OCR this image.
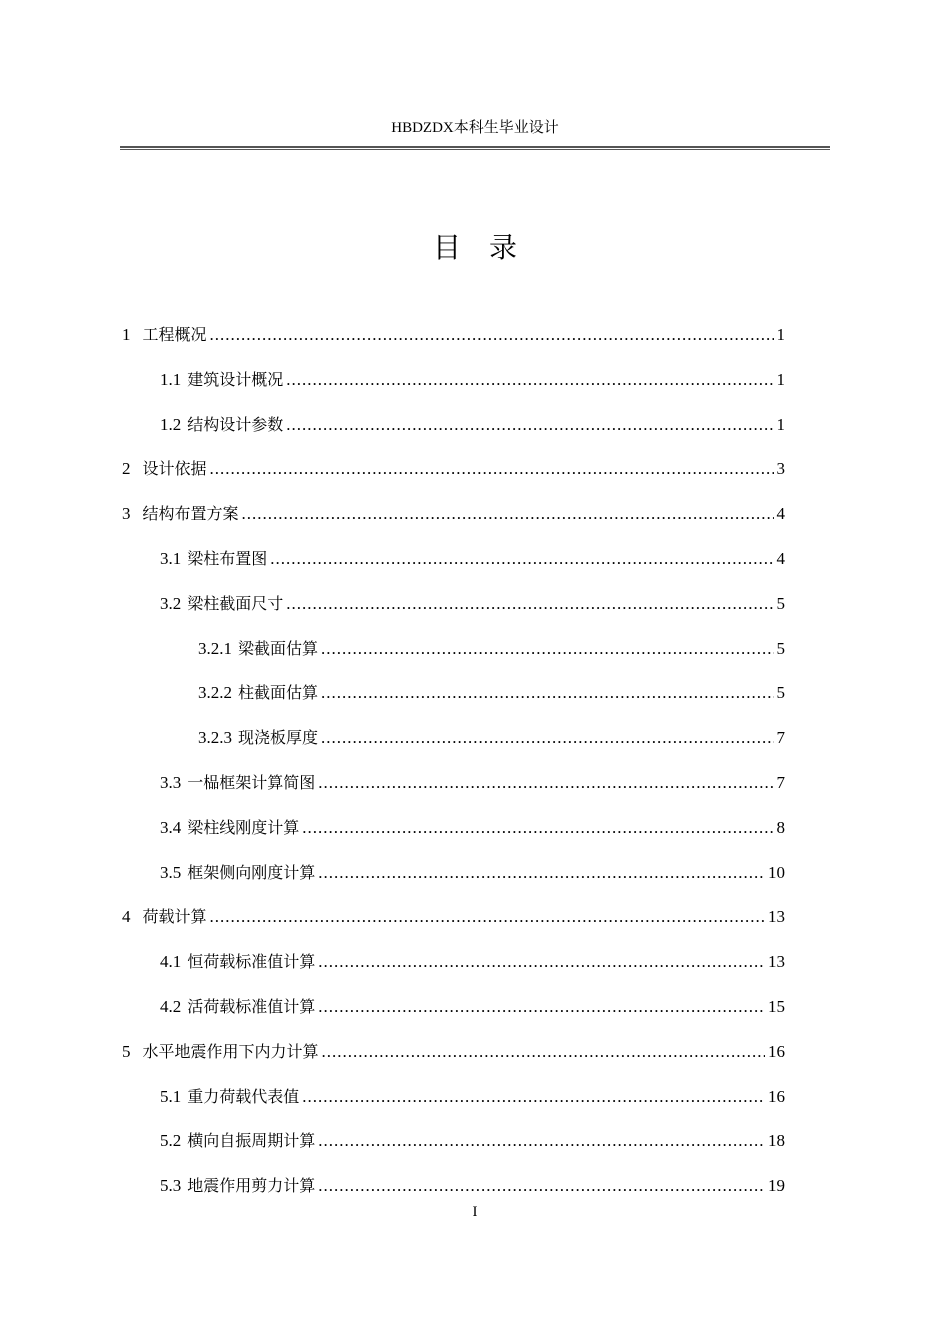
HBDZDX本科生毕业设计
目 录
1 工程概况 .....	1
1.1 建筑设计概况 .....	1
1.2 结构设计参数 .....	1
2 设计依据 .....	3
3 结构布置方案 .....	4
3.1 梁柱布置图 .....	4
3.2 梁柱截面尺寸 .....	5
3.2.1 梁截面估算 .....	5
3.2.2 柱截面估算 .....	5
3.2.3 现浇板厚度 .....	7
3.3 一榀框架计算简图 .....	7
3.4 梁柱线刚度计算 .....	8
3.5 框架侧向刚度计算 .....	10
4 荷载计算 .....	13
4.1 恒荷载标准值计算 .....	13
4.2 活荷载标准值计算 .....	15
5 水平地震作用下内力计算 .....	16
5.1 重力荷载代表值 .....	16
5.2 横向自振周期计算 .....	18
5.3 地震作用剪力计算 .....	19
I
